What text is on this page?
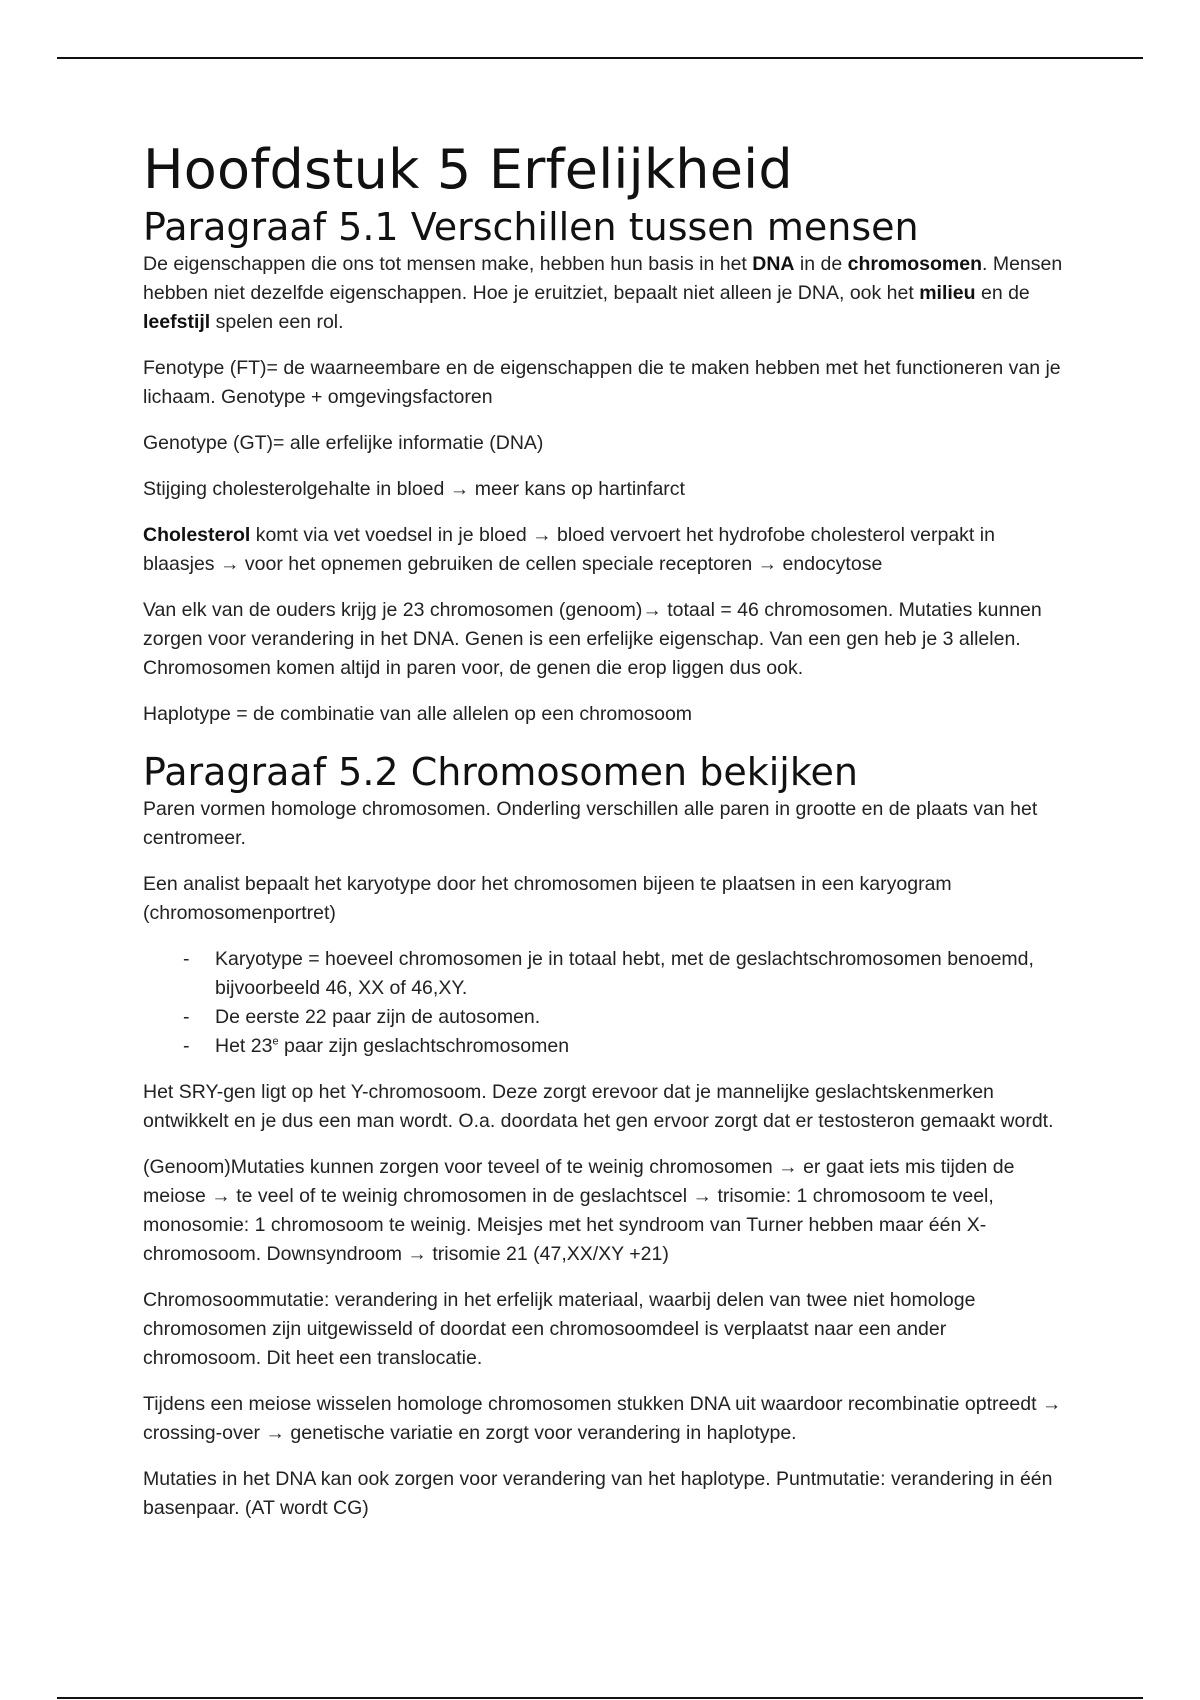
Hoofdstuk 5 Erfelijkheid
Paragraaf 5.1 Verschillen tussen mensen

De eigenschappen die ons tot mensen make, hebben hun basis in het DNA in de chromosomen. Mensen hebben niet dezelfde eigenschappen. Hoe je eruitziet, bepaalt niet alleen je DNA, ook het milieu en de leefstijl spelen een rol.

Fenotype (FT)= de waarneembare en de eigenschappen die te maken hebben met het functioneren van je lichaam. Genotype + omgevingsfactoren

Genotype (GT)= alle erfelijke informatie (DNA)

Stijging cholesterolgehalte in bloed → meer kans op hartinfarct

Cholesterol komt via vet voedsel in je bloed → bloed vervoert het hydrofobe cholesterol verpakt in blaasjes → voor het opnemen gebruiken de cellen speciale receptoren → endocytose

Van elk van de ouders krijg je 23 chromosomen (genoom)→ totaal = 46 chromosomen. Mutaties kunnen zorgen voor verandering in het DNA. Genen is een erfelijke eigenschap. Van een gen heb je 3 allelen. Chromosomen komen altijd in paren voor, de genen die erop liggen dus ook.

Haplotype = de combinatie van alle allelen op een chromosoom

Paragraaf 5.2 Chromosomen bekijken

Paren vormen homologe chromosomen. Onderling verschillen alle paren in grootte en de plaats van het centromeer.

Een analist bepaalt het karyotype door het chromosomen bijeen te plaatsen in een karyogram (chromosomenportret)

- Karyotype = hoeveel chromosomen je in totaal hebt, met de geslachtschromosomen benoemd, bijvoorbeeld 46, XX of 46,XY.
- De eerste 22 paar zijn de autosomen.
- Het 23e paar zijn geslachtschromosomen

Het SRY-gen ligt op het Y-chromosoom. Deze zorgt erevoor dat je mannelijke geslachtskenmerken ontwikkelt en je dus een man wordt. O.a. doordata het gen ervoor zorgt dat er testosteron gemaakt wordt.

(Genoom)Mutaties kunnen zorgen voor teveel of te weinig chromosomen → er gaat iets mis tijden de meiose → te veel of te weinig chromosomen in de geslachtscel → trisomie: 1 chromosoom te veel, monosomie: 1 chromosoom te weinig. Meisjes met het syndroom van Turner hebben maar één X-chromosoom. Downsyndroom → trisomie 21 (47,XX/XY +21)

Chromosoommutatie: verandering in het erfelijk materiaal, waarbij delen van twee niet homologe chromosomen zijn uitgewisseld of doordat een chromosoomdeel is verplaatst naar een ander chromosoom. Dit heet een translocatie.

Tijdens een meiose wisselen homologe chromosomen stukken DNA uit waardoor recombinatie optreedt → crossing-over → genetische variatie en zorgt voor verandering in haplotype.

Mutaties in het DNA kan ook zorgen voor verandering van het haplotype. Puntmutatie: verandering in één basenpaar. (AT wordt CG)
